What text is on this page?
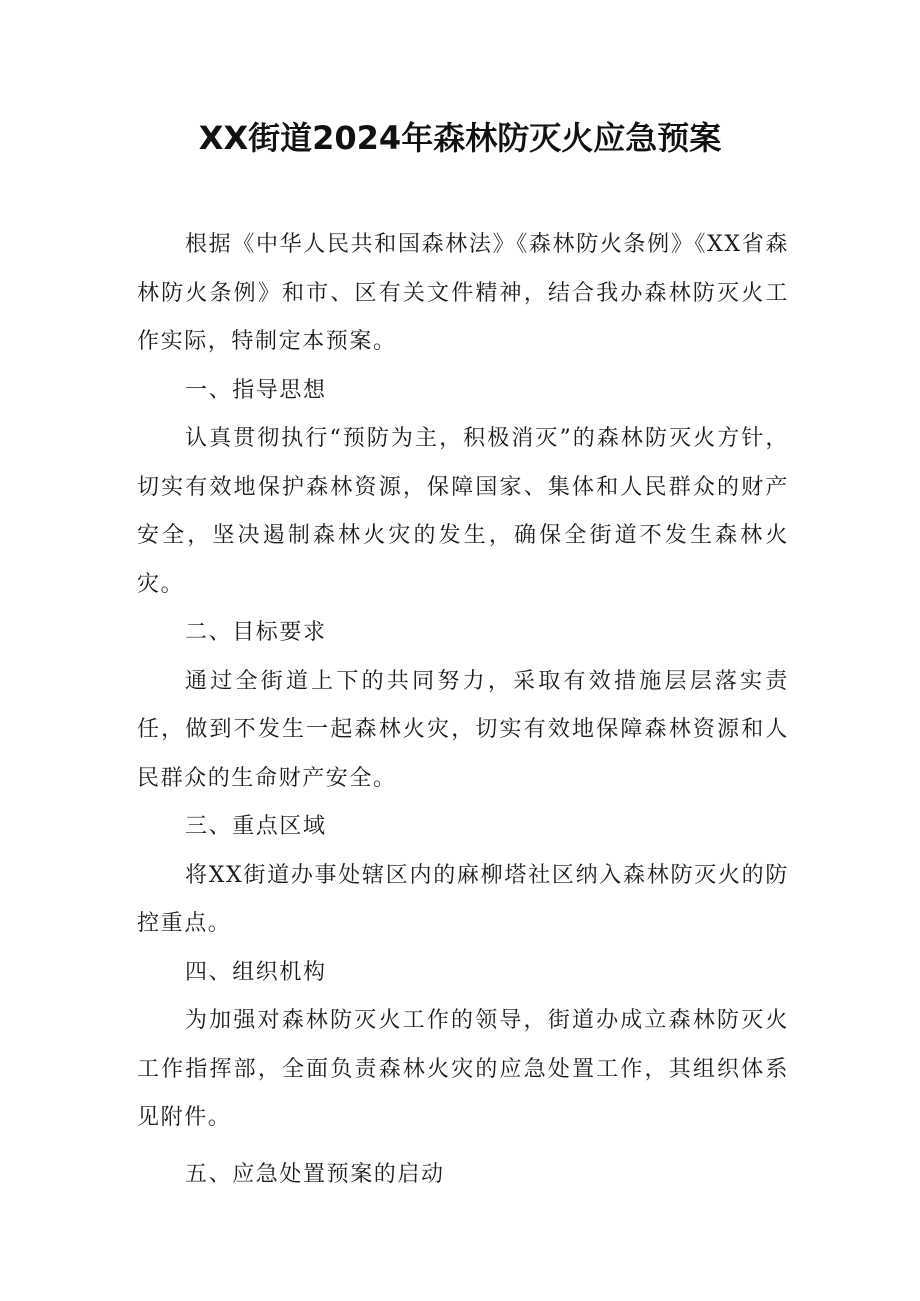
XX街道2024年森林防灭火应急预案

根据《中华人民共和国森林法》《森林防火条例》《XX省森林防火条例》和市、区有关文件精神，结合我办森林防灭火工作实际，特制定本预案。

一、指导思想

认真贯彻执行“预防为主，积极消灭”的森林防灭火方针，切实有效地保护森林资源，保障国家、集体和人民群众的财产安全，坚决遏制森林火灾的发生，确保全街道不发生森林火灾。

二、目标要求

通过全街道上下的共同努力，采取有效措施层层落实责任，做到不发生一起森林火灾，切实有效地保障森林资源和人民群众的生命财产安全。

三、重点区域

将XX街道办事处辖区内的麻柳塔社区纳入森林防灭火的防控重点。

四、组织机构

为加强对森林防灭火工作的领导，街道办成立森林防灭火工作指挥部，全面负责森林火灾的应急处置工作，其组织体系见附件。

五、应急处置预案的启动
